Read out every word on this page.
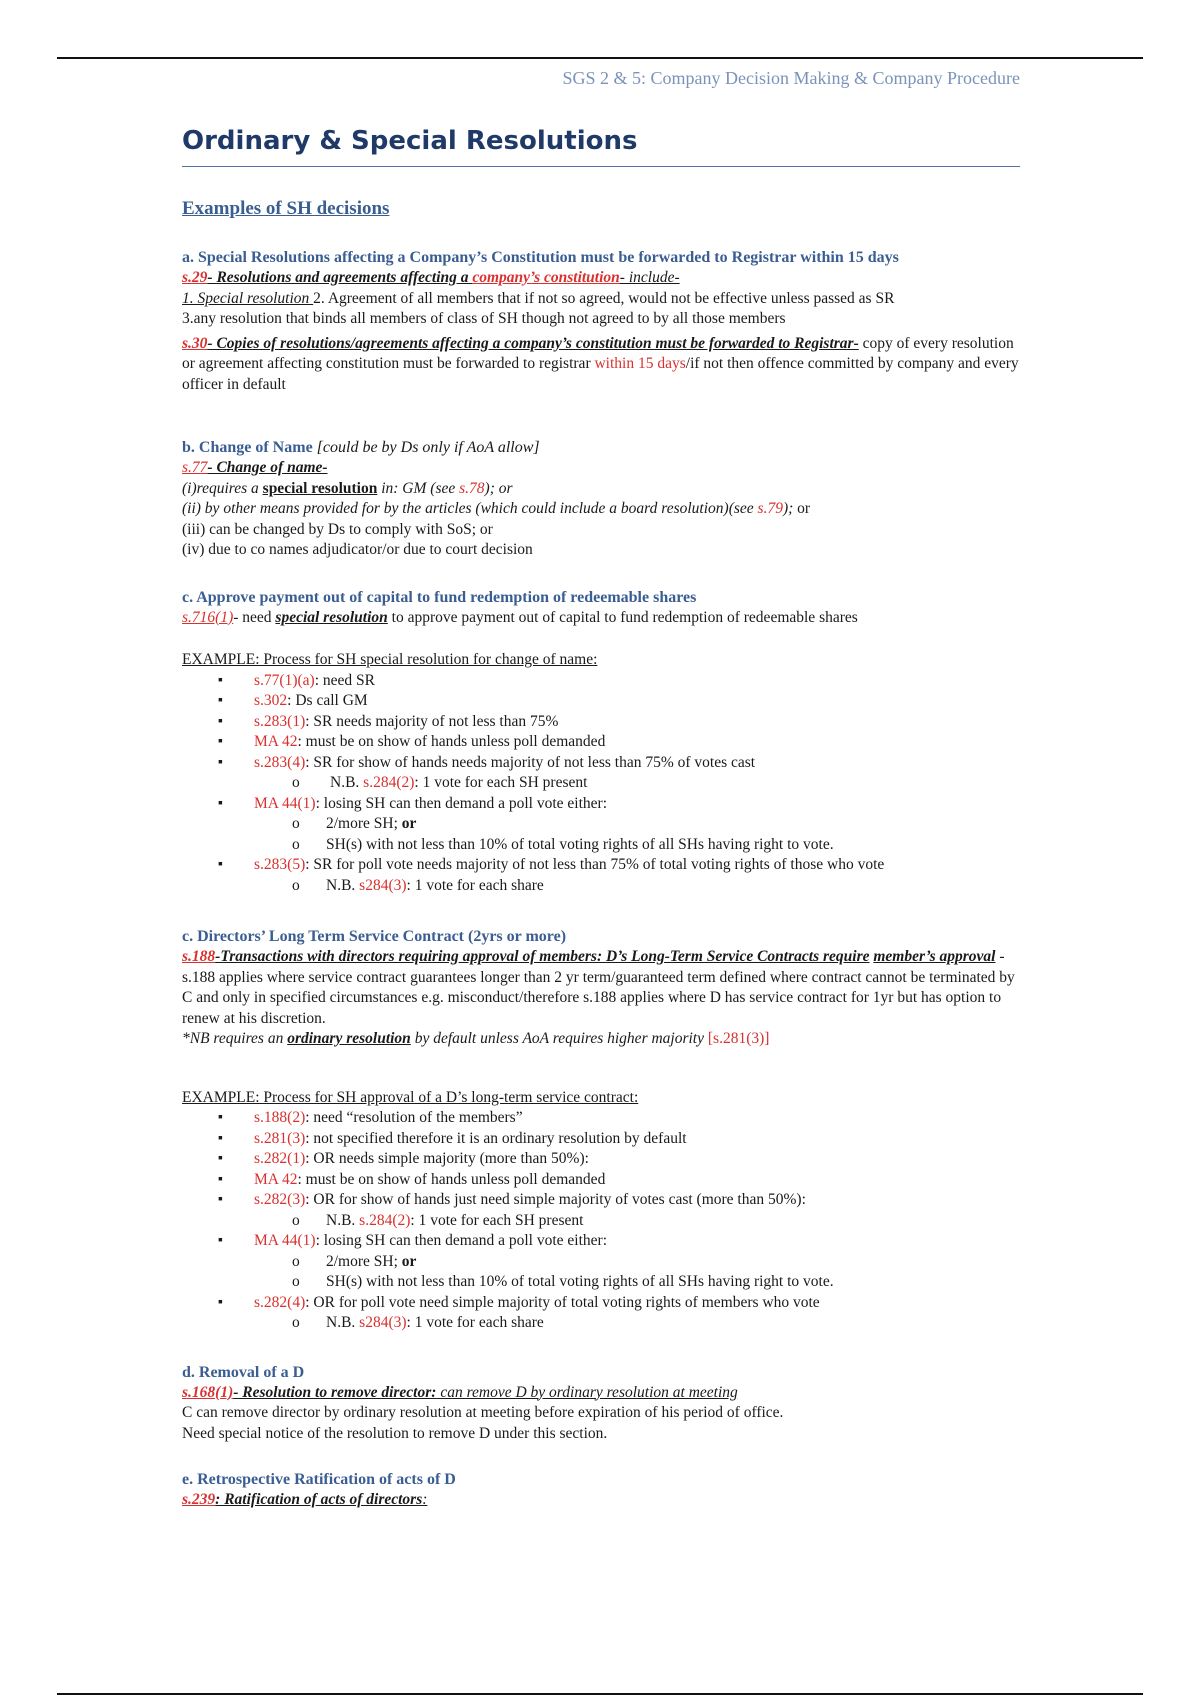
SGS 2 & 5: Company Decision Making & Company Procedure
Ordinary & Special Resolutions
Examples of SH decisions

a. Special Resolutions affecting a Company’s Constitution must be forwarded to Registrar within 15 days

s.29- Resolutions and agreements affecting a company’s constitution- include-

1. Special resolution 2. Agreement of all members that if not so agreed, would not be effective unless passed as SR

3.any resolution that binds all members of class of SH though not agreed to by all those members

s.30- Copies of resolutions/agreements affecting a company’s constitution must be forwarded to Registrar- copy of every resolution or agreement affecting constitution must be forwarded to registrar within 15 days/if not then offence committed by company and every officer in default

b. Change of Name [could be by Ds only if AoA allow]

s.77- Change of name-

(i)requires a special resolution in: GM (see s.78); or

(ii) by other means provided for by the articles (which could include a board resolution)(see s.79); or

(iii) can be changed by Ds to comply with SoS; or

(iv) due to co names adjudicator/or due to court decision

c. Approve payment out of capital to fund redemption of redeemable shares

s.716(1)- need special resolution to approve payment out of capital to fund redemption of redeemable shares

EXAMPLE: Process for SH special resolution for change of name:

▪ s.77(1)(a): need SR
▪ s.302: Ds call GM
▪ s.283(1): SR needs majority of not less than 75%
▪ MA 42: must be on show of hands unless poll demanded
▪ s.283(4): SR for show of hands needs majority of not less than 75% of votes cast
o N.B. s.284(2): 1 vote for each SH present
▪ MA 44(1): losing SH can then demand a poll vote either:
o 2/more SH; or
o SH(s) with not less than 10% of total voting rights of all SHs having right to vote.
▪ s.283(5): SR for poll vote needs majority of not less than 75% of total voting rights of those who vote
o N.B. s284(3): 1 vote for each share

c. Directors’ Long Term Service Contract (2yrs or more)

s.188-Transactions with directors requiring approval of members: D’s Long-Term Service Contracts require member’s approval - s.188 applies where service contract guarantees longer than 2 yr term/guaranteed term defined where contract cannot be terminated by C and only in specified circumstances e.g. misconduct/therefore s.188 applies where D has service contract for 1yr but has option to renew at his discretion.

*NB requires an ordinary resolution by default unless AoA requires higher majority [s.281(3)]

EXAMPLE: Process for SH approval of a D’s long-term service contract:

▪ s.188(2): need “resolution of the members”
▪ s.281(3): not specified therefore it is an ordinary resolution by default
▪ s.282(1): OR needs simple majority (more than 50%):
▪ MA 42: must be on show of hands unless poll demanded
▪ s.282(3): OR for show of hands just need simple majority of votes cast (more than 50%):
o N.B. s.284(2): 1 vote for each SH present
▪ MA 44(1): losing SH can then demand a poll vote either:
o 2/more SH; or
o SH(s) with not less than 10% of total voting rights of all SHs having right to vote.
▪ s.282(4): OR for poll vote need simple majority of total voting rights of members who vote
o N.B. s284(3): 1 vote for each share

d. Removal of a D

s.168(1)- Resolution to remove director: can remove D by ordinary resolution at meeting

C can remove director by ordinary resolution at meeting before expiration of his period of office.

Need special notice of the resolution to remove D under this section.

e. Retrospective Ratification of acts of D

s.239: Ratification of acts of directors:
